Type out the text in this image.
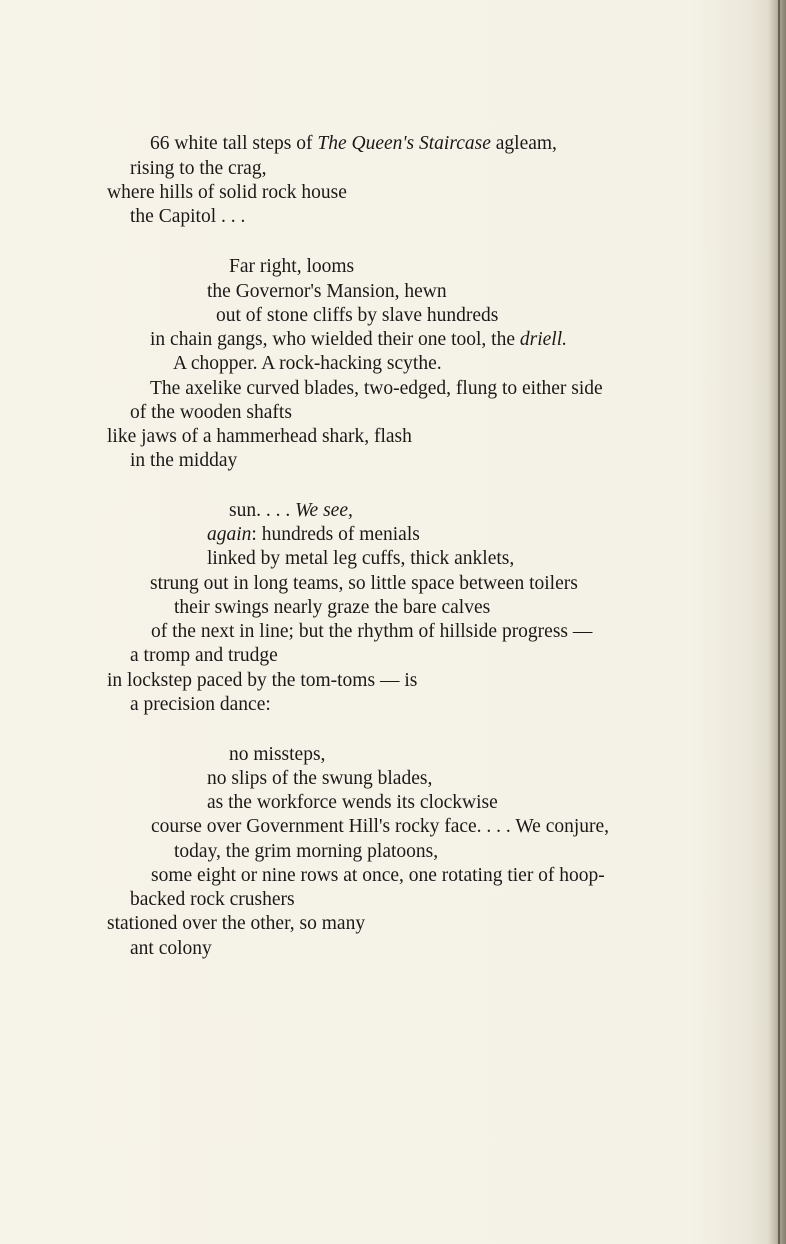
66 white tall steps of The Queen's Staircase agleam,
rising to the crag,
where hills of solid rock house
the Capitol . . .
Far right, looms
the Governor's Mansion, hewn
out of stone cliffs by slave hundreds
in chain gangs, who wielded their one tool, the driell.
A chopper. A rock-hacking scythe.
The axelike curved blades, two-edged, flung to either side
of the wooden shafts
like jaws of a hammerhead shark, flash
in the midday
sun. . . . We see,
again: hundreds of menials
linked by metal leg cuffs, thick anklets,
strung out in long teams, so little space between toilers
their swings nearly graze the bare calves
of the next in line; but the rhythm of hillside progress —
a tromp and trudge
in lockstep paced by the tom-toms — is
a precision dance:
no missteps,
no slips of the swung blades,
as the workforce wends its clockwise
course over Government Hill's rocky face. . . . We conjure,
today, the grim morning platoons,
some eight or nine rows at once, one rotating tier of hoop-
backed rock crushers
stationed over the other, so many
ant colony
